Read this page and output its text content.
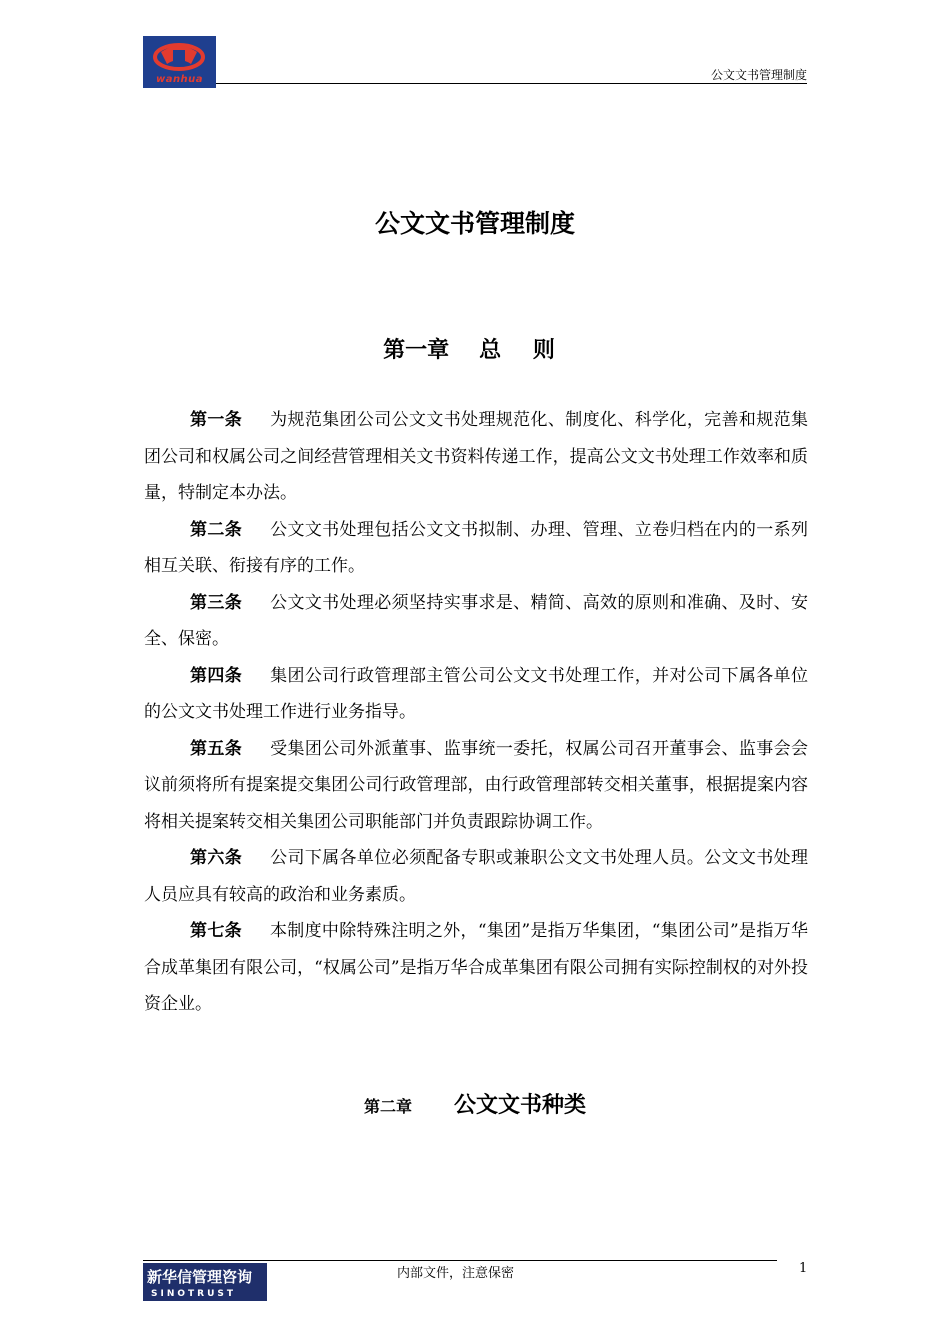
wanhua	公文文书管理制度
公文文书管理制度
第一章 总 则

第一条 为规范集团公司公文文书处理规范化、制度化、科学化，完善和规范集团公司和权属公司之间经营管理相关文书资料传递工作，提高公文文书处理工作效率和质量，特制定本办法。

第二条 公文文书处理包括公文文书拟制、办理、管理、立卷归档在内的一系列相互关联、衔接有序的工作。

第三条 公文文书处理必须坚持实事求是、精简、高效的原则和准确、及时、安全、保密。

第四条 集团公司行政管理部主管公司公文文书处理工作，并对公司下属各单位的公文文书处理工作进行业务指导。

第五条 受集团公司外派董事、监事统一委托，权属公司召开董事会、监事会会议前须将所有提案提交集团公司行政管理部，由行政管理部转交相关董事，根据提案内容将相关提案转交相关集团公司职能部门并负责跟踪协调工作。

第六条 公司下属各单位必须配备专职或兼职公文文书处理人员。公文文书处理人员应具有较高的政治和业务素质。

第七条 本制度中除特殊注明之外，“集团”是指万华集团，“集团公司”是指万华合成革集团有限公司，“权属公司”是指万华合成革集团有限公司拥有实际控制权的对外投资企业。

第二章 公文文书种类
新华信管理咨询
SINOTRUST
内部文件，注意保密	1
